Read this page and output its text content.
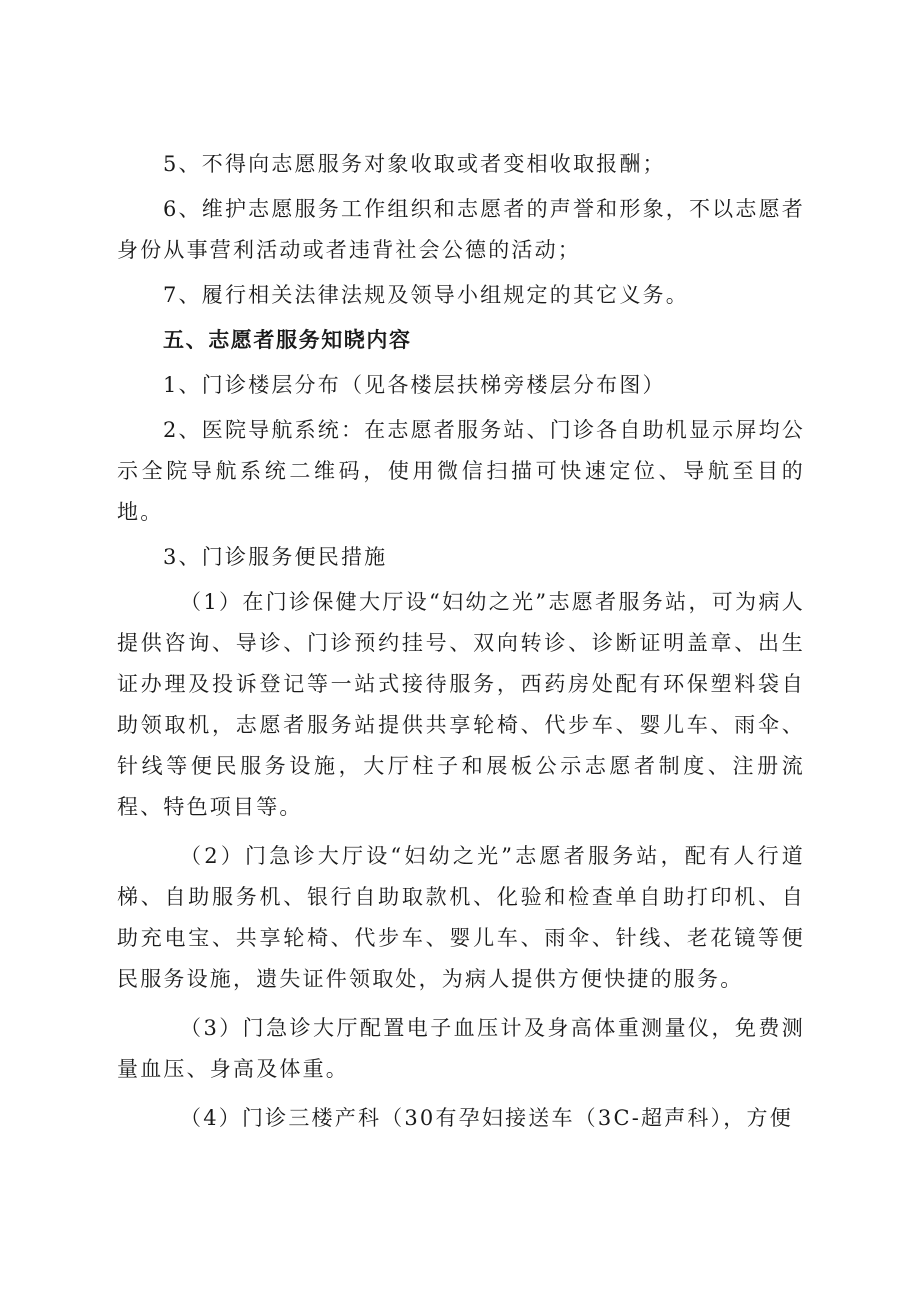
5、不得向志愿服务对象收取或者变相收取报酬；

6、维护志愿服务工作组织和志愿者的声誉和形象，不以志愿者身份从事营利活动或者违背社会公德的活动；

7、履行相关法律法规及领导小组规定的其它义务。

五、志愿者服务知晓内容

1、门诊楼层分布（见各楼层扶梯旁楼层分布图）

2、医院导航系统：在志愿者服务站、门诊各自助机显示屏均公示全院导航系统二维码，使用微信扫描可快速定位、导航至目的地。

3、门诊服务便民措施

（1）在门诊保健大厅设“妇幼之光”志愿者服务站，可为病人提供咨询、导诊、门诊预约挂号、双向转诊、诊断证明盖章、出生证办理及投诉登记等一站式接待服务，西药房处配有环保塑料袋自助领取机，志愿者服务站提供共享轮椅、代步车、婴儿车、雨伞、针线等便民服务设施，大厅柱子和展板公示志愿者制度、注册流程、特色项目等。

（2）门急诊大厅设“妇幼之光”志愿者服务站，配有人行道梯、自助服务机、银行自助取款机、化验和检查单自助打印机、自助充电宝、共享轮椅、代步车、婴儿车、雨伞、针线、老花镜等便民服务设施，遗失证件领取处，为病人提供方便快捷的服务。

（3）门急诊大厅配置电子血压计及身高体重测量仪，免费测量血压、身高及体重。

（4）门诊三楼产科（30有孕妇接送车（3C-超声科），方便
